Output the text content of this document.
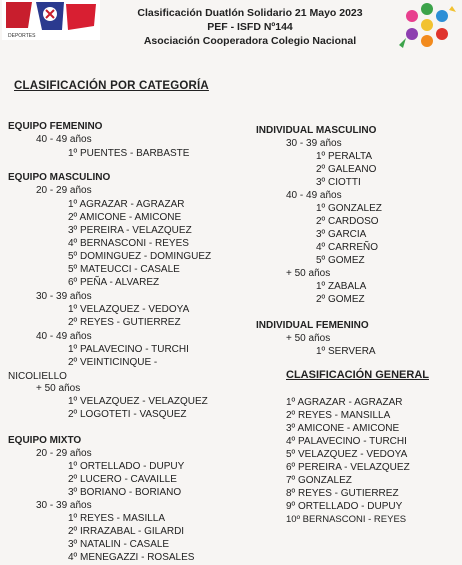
DEPORTES
Clasificación Duatlón Solidario 21 Mayo 2023
PEF - ISFD Nº144
Asociación Cooperadora Colegio Nacional
CLASIFICACIÓN POR CATEGORÍA
EQUIPO FEMENINO
40 - 49 años
1º PUENTES - BARBASTE
EQUIPO MASCULINO
20 - 29 años
1º AGRAZAR - AGRAZAR
2º AMICONE - AMICONE
3º PEREIRA - VELAZQUEZ
4º BERNASCONI - REYES
5º DOMINGUEZ - DOMINGUEZ
5º MATEUCCI - CASALE
6º PEÑA - ALVAREZ
30 - 39 años
1º VELAZQUEZ - VEDOYA
2º REYES - GUTIERREZ
40 - 49 años
1º PALAVECINO - TURCHI
2º VEINTICINQUE -
NICOLIELLO
+ 50 años
1º VELAZQUEZ - VELAZQUEZ
2º LOGOTETI - VASQUEZ
EQUIPO MIXTO
20 - 29 años
1º ORTELLADO - DUPUY
2º LUCERO - CAVAILLE
3º BORIANO - BORIANO
30 - 39 años
1º REYES - MASILLA
2º IRRAZABAL - GILARDI
3º NATALIN - CASALE
4º MENEGAZZI - ROSALES
INDIVIDUAL MASCULINO
30 - 39 años
1º PERALTA
2º GALEANO
3º CIOTTI
40 - 49 años
1º GONZALEZ
2º CARDOSO
3º GARCIA
4º CARREÑO
5º GOMEZ
+ 50 años
1º ZABALA
2º GOMEZ
INDIVIDUAL FEMENINO
+ 50 años
1º SERVERA
CLASIFICACIÓN GENERAL
1º AGRAZAR - AGRAZAR
2º REYES - MANSILLA
3º AMICONE - AMICONE
4º PALAVECINO - TURCHI
5º VELAZQUEZ - VEDOYA
6º PEREIRA - VELAZQUEZ
7º GONZALEZ
8º REYES - GUTIERREZ
9º ORTELLADO - DUPUY
10º BERNASCONI - REYES
